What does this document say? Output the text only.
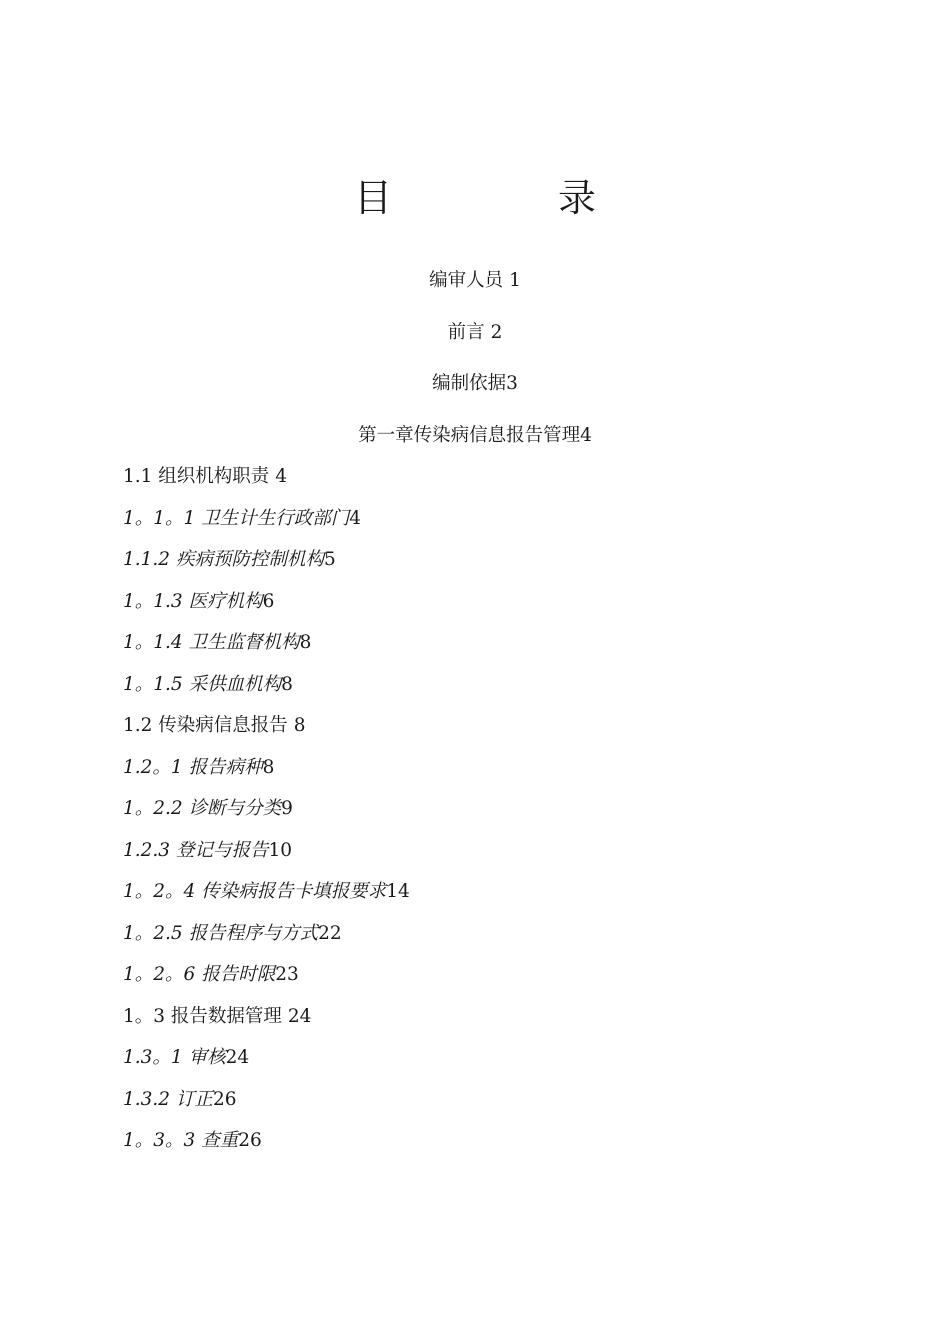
目　录
编审人员 1
前言 2
编制依据3
第一章传染病信息报告管理4
1.1 组织机构职责 4
1。1。1 卫生计生行政部门4
1.1.2 疾病预防控制机构5
1。1.3 医疗机构6
1。1.4 卫生监督机构8
1。1.5 采供血机构8
1.2 传染病信息报告 8
1.2。1 报告病种8
1。2.2 诊断与分类9
1.2.3 登记与报告10
1。2。4 传染病报告卡填报要求14
1。2.5 报告程序与方式22
1。2。6 报告时限23
1。3 报告数据管理 24
1.3。1 审核24
1.3.2 订正26
1。3。3 查重26
